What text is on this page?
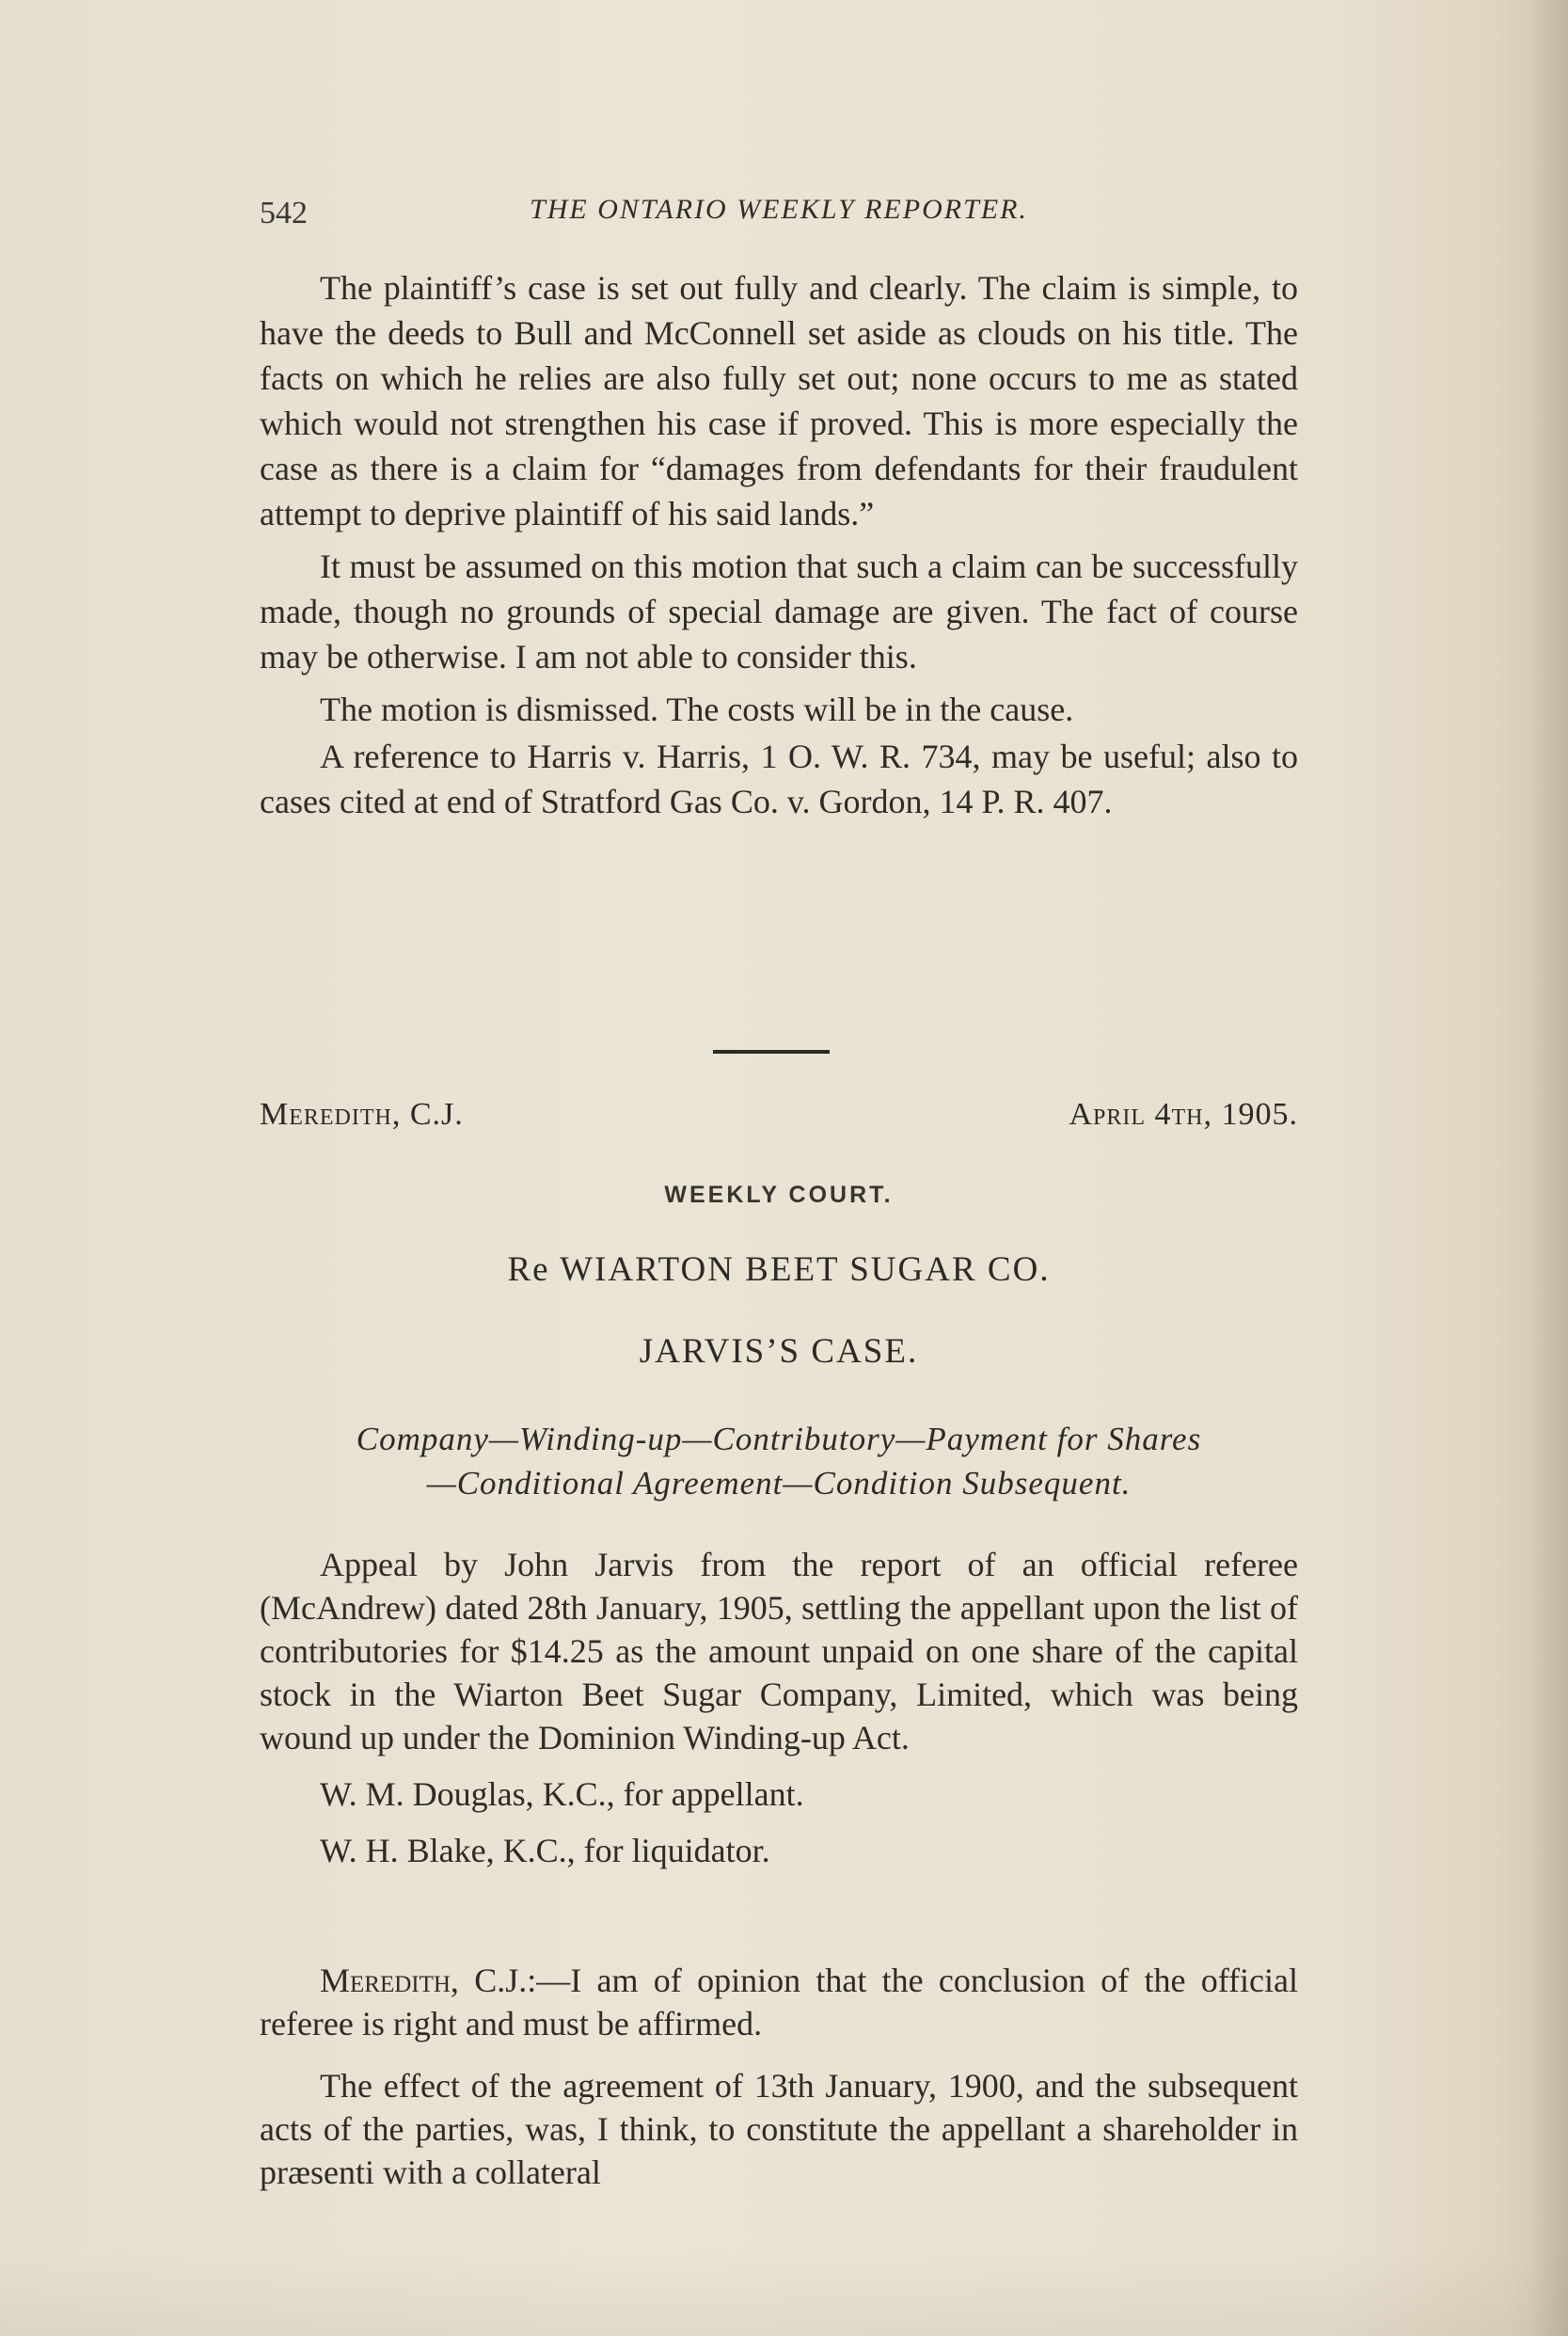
542	THE ONTARIO WEEKLY REPORTER.

The plaintiff’s case is set out fully and clearly. The claim is simple, to have the deeds to Bull and McConnell set aside as clouds on his title. The facts on which he relies are also fully set out; none occurs to me as stated which would not strengthen his case if proved. This is more especially the case as there is a claim for “damages from defendants for their fraudulent attempt to deprive plaintiff of his said lands.”

It must be assumed on this motion that such a claim can be successfully made, though no grounds of special damage are given. The fact of course may be otherwise. I am not able to consider this.

The motion is dismissed. The costs will be in the cause.

A reference to Harris v. Harris, 1 O. W. R. 734, may be useful; also to cases cited at end of Stratford Gas Co. v. Gordon, 14 P. R. 407.

Meredith, C.J.	April 4th, 1905.
WEEKLY COURT.
Re WIARTON BEET SUGAR CO.
JARVIS’S CASE.
Company—Winding-up—Contributory—Payment for Shares
—Conditional Agreement—Condition Subsequent.

Appeal by John Jarvis from the report of an official referee (McAndrew) dated 28th January, 1905, settling the appellant upon the list of contributories for $14.25 as the amount unpaid on one share of the capital stock in the Wiarton Beet Sugar Company, Limited, which was being wound up under the Dominion Winding-up Act.

W. M. Douglas, K.C., for appellant.

W. H. Blake, K.C., for liquidator.

Meredith, C.J.:—I am of opinion that the conclusion of the official referee is right and must be affirmed.

The effect of the agreement of 13th January, 1900, and the subsequent acts of the parties, was, I think, to constitute the appellant a shareholder in præsenti with a collateral
